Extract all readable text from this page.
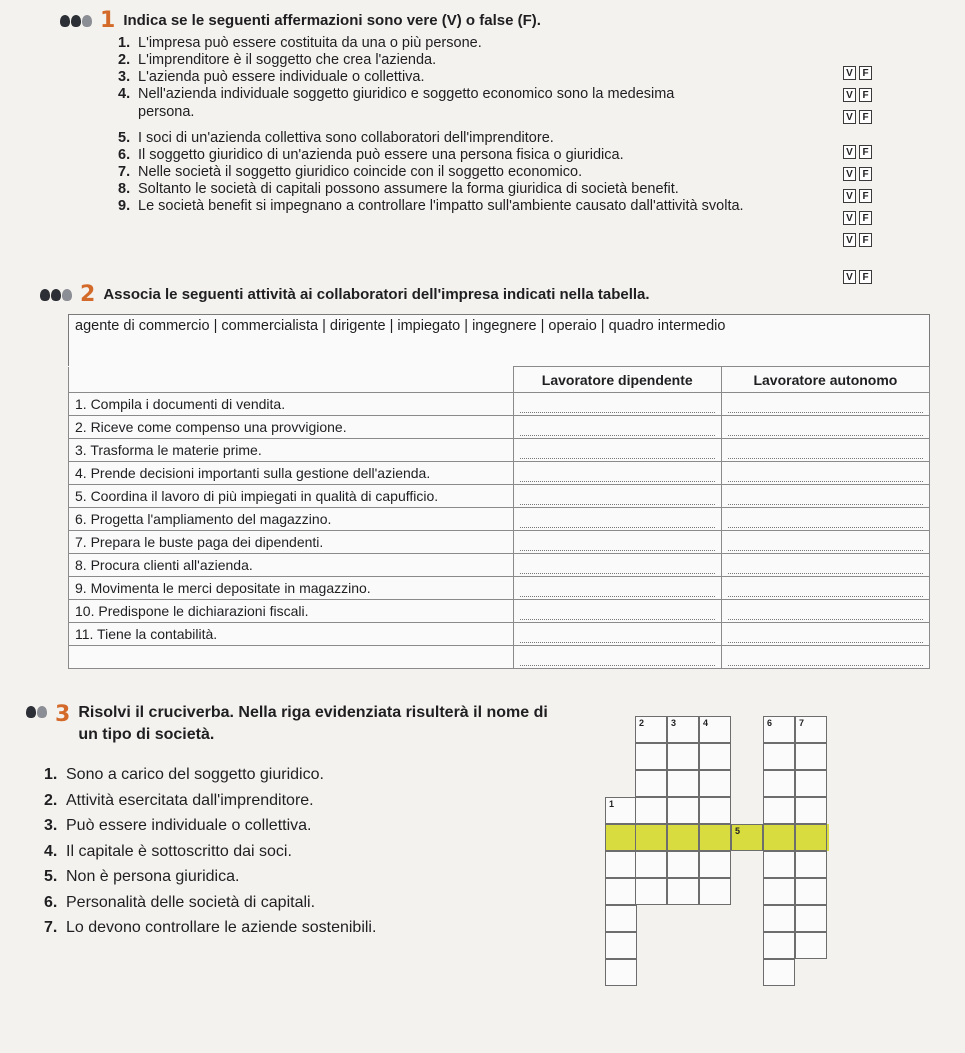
1 Indica se le seguenti affermazioni sono vere (V) o false (F).
1. L'impresa può essere costituita da una o più persone.
2. L'imprenditore è il soggetto che crea l'azienda.
3. L'azienda può essere individuale o collettiva.
4. Nell'azienda individuale soggetto giuridico e soggetto economico sono la medesima persona.
5. I soci di un'azienda collettiva sono collaboratori dell'imprenditore.
6. Il soggetto giuridico di un'azienda può essere una persona fisica o giuridica.
7. Nelle società il soggetto giuridico coincide con il soggetto economico.
8. Soltanto le società di capitali possono assumere la forma giuridica di società benefit.
9. Le società benefit si impegnano a controllare l'impatto sull'ambiente causato dall'attività svolta.
V F
V F
V F
V F
V F
V F
V F
V F
V F
2 Associa le seguenti attività ai collaboratori dell'impresa indicati nella tabella.
agente di commercio | commercialista | dirigente | impiegato | ingegnere | operaio | quadro intermedio
	Lavoratore dipendente	Lavoratore autonomo
1. Compila i documenti di vendita.	

2. Riceve come compenso una provvigione.	

3. Trasforma le materie prime.	

4. Prende decisioni importanti sulla gestione dell'azienda.	

5. Coordina il lavoro di più impiegati in qualità di capufficio.	

6. Progetta l'ampliamento del magazzino.	

7. Prepara le buste paga dei dipendenti.	

8. Procura clienti all'azienda.	

9. Movimenta le merci depositate in magazzino.	

10. Predispone le dichiarazioni fiscali.	

11. Tiene la contabilità.	

3 Risolvi il cruciverba. Nella riga evidenziata risulterà il nome di un tipo di società.
1. Sono a carico del soggetto giuridico.
2. Attività esercitata dall'imprenditore.
3. Può essere individuale o collettiva.
4. Il capitale è sottoscritto dai soci.
5. Non è persona giuridica.
6. Personalità delle società di capitali.
7. Lo devono controllare le aziende sostenibili.
1
2	3	4
5
6	7
